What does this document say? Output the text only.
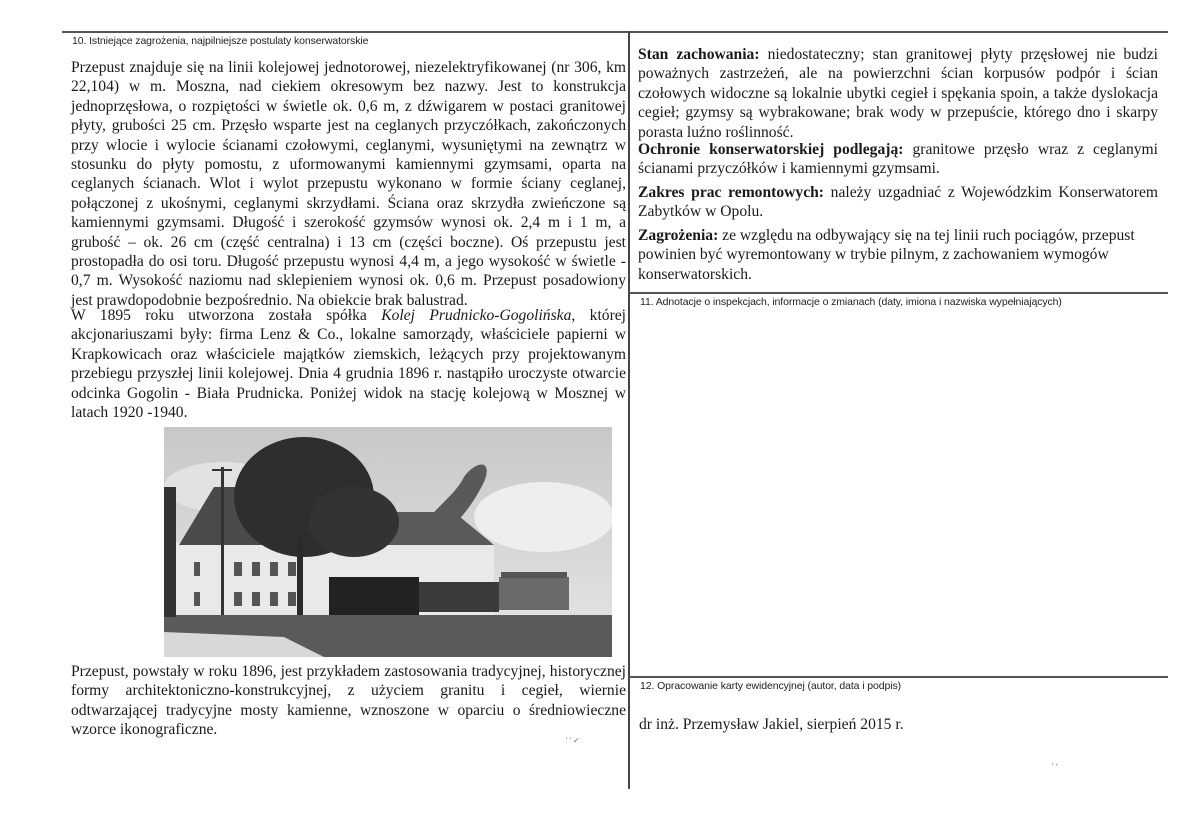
10. Istniejące zagrożenia, najpilniejsze postulaty konserwatorskie

Przepust znajduje się na linii kolejowej jednotorowej, niezelektryfikowanej (nr 306, km 22,104) w m. Moszna, nad ciekiem okresowym bez nazwy. Jest to konstrukcja jednoprzęsłowa, o rozpiętości w świetle ok. 0,6 m, z dźwigarem w postaci granitowej płyty, grubości 25 cm. Przęsło wsparte jest na ceglanych przyczółkach, zakończonych przy wlocie i wylocie ścianami czołowymi, ceglanymi, wysuniętymi na zewnątrz w stosunku do płyty pomostu, z uformowanymi kamiennymi gzymsami, oparta na ceglanych ścianach. Wlot i wylot przepustu wykonano w formie ściany ceglanej, połączonej z ukośnymi, ceglanymi skrzydłami. Ściana oraz skrzydła zwieńczone są kamiennymi gzymsami. Długość i szerokość gzymsów wynosi ok. 2,4 m i 1 m, a grubość – ok. 26 cm (część centralna) i 13 cm (części boczne). Oś przepustu jest prostopadła do osi toru. Długość przepustu wynosi 4,4 m, a jego wysokość w świetle - 0,7 m. Wysokość naziomu nad sklepieniem wynosi ok. 0,6 m. Przepust posadowiony jest prawdopodobnie bezpośrednio. Na obiekcie brak balustrad.

W 1895 roku utworzona została spółka Kolej Prudnicko-Gogolińska, której akcjonariuszami były: firma Lenz & Co., lokalne samorządy, właściciele papierni w Krapkowicach oraz właściciele majątków ziemskich, leżących przy projektowanym przebiegu przyszłej linii kolejowej. Dnia 4 grudnia 1896 r. nastąpiło uroczyste otwarcie odcinka Gogolin - Biała Prudnicka. Poniżej widok na stację kolejową w Mosznej w latach 1920 -1940.

Przepust, powstały w roku 1896, jest przykładem zastosowania tradycyjnej, historycznej formy architektoniczno-konstrukcyjnej, z użyciem granitu i cegieł, wiernie odtwarzającej tradycyjne mosty kamienne, wznoszone w oparciu o średniowieczne wzorce ikonograficzne.

' ' ✓

Stan zachowania: niedostateczny; stan granitowej płyty przęsłowej nie budzi poważnych zastrzeżeń, ale na powierzchni ścian korpusów podpór i ścian czołowych widoczne są lokalnie ubytki cegieł i spękania spoin, a także dyslokacja cegieł; gzymsy są wybrakowane; brak wody w przepuście, którego dno i skarpy porasta luźno roślinność.

Ochronie konserwatorskiej podlegają: granitowe przęsło wraz z ceglanymi ścianami przyczółków i kamiennymi gzymsami.

Zakres prac remontowych: należy uzgadniać z Wojewódzkim Konserwatorem Zabytków w Opolu.

Zagrożenia: ze względu na odbywający się na tej linii ruch pociągów, przepust powinien być wyremontowany w trybie pilnym, z zachowaniem wymogów konserwatorskich.

11. Adnotacje o inspekcjach, informacje o zmianach (daty, imiona i nazwiska wypełniających)
12. Opracowanie karty ewidencyjnej (autor, data i podpis)
dr inż. Przemysław Jakiel, sierpień 2015 r.
' ʻ
